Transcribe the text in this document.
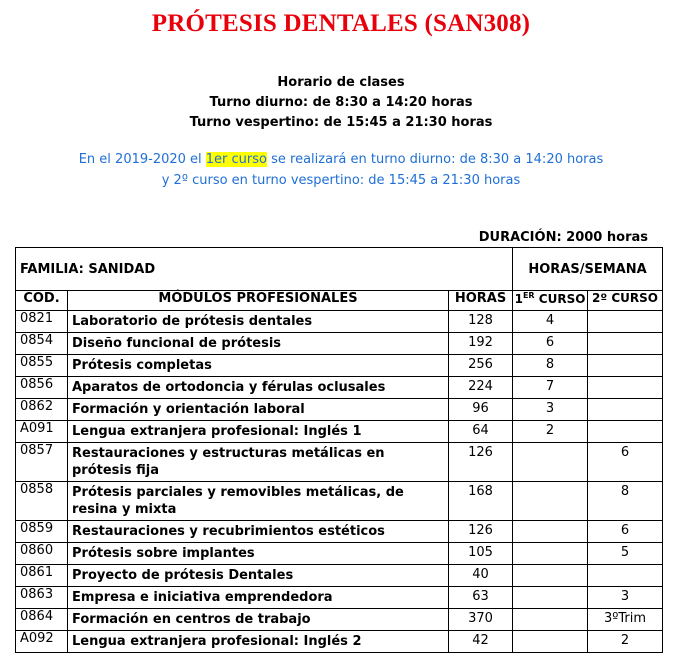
PRÓTESIS DENTALES (SAN308)
Horario de clases
Turno diurno: de 8:30 a 14:20 horas
Turno vespertino: de 15:45 a 21:30 horas
En el 2019-2020 el 1er curso se realizará en turno diurno: de 8:30 a 14:20 horas
y 2º curso en turno vespertino: de 15:45 a 21:30 horas
DURACIÓN: 2000 horas
FAMILIA: SANIDAD			HORAS/SEMANA	
COD.	MÓDULOS PROFESIONALES	HORAS	1ER CURSO	2º CURSO
0821	Laboratorio de prótesis dentales	128	4	
0854	Diseño funcional de prótesis	192	6	
0855	Prótesis completas	256	8	
0856	Aparatos de ortodoncia y férulas oclusales	224	7	
0862	Formación y orientación laboral	96	3	
A091	Lengua extranjera profesional: Inglés 1	64	2	
0857	Restauraciones y estructuras metálicas en prótesis fija	126		6
0858	Prótesis parciales y removibles metálicas, de resina y mixta	168		8
0859	Restauraciones y recubrimientos estéticos	126		6
0860	Prótesis sobre implantes	105		5
0861	Proyecto de prótesis Dentales	40		
0863	Empresa e iniciativa emprendedora	63		3
0864	Formación en centros de trabajo	370		3ºTrim
A092	Lengua extranjera profesional: Inglés 2	42		2
